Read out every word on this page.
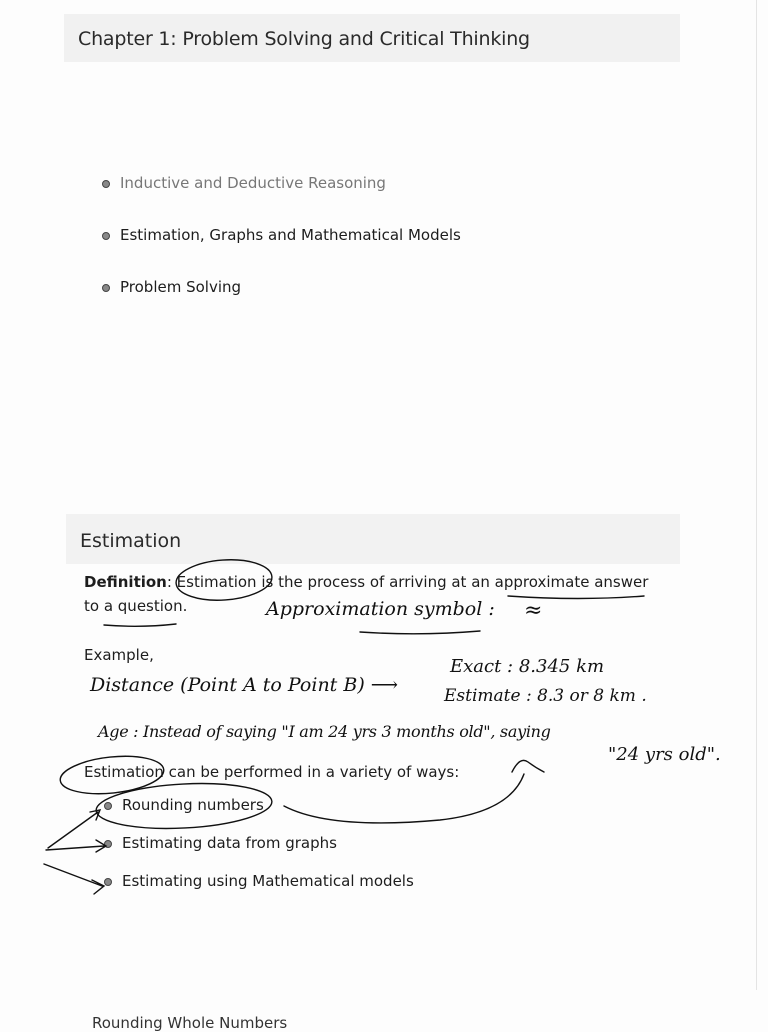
Chapter 1: Problem Solving and Critical Thinking
Inductive and Deductive Reasoning
Estimation, Graphs and Mathematical Models
Problem Solving
Estimation
Definition: Estimation is the process of arriving at an approximate answer
to a question.	Approximation symbol : ≈
Example,
Distance (Point A to Point B) ⟶
Exact : 8.345 km
Estimate : 8.3 or 8 km .
Age : Instead of saying "I am 24 yrs 3 months old", saying
"24 yrs old".
Estimation can be performed in a variety of ways:
Rounding numbers
Estimating data from graphs
Estimating using Mathematical models
Rounding Whole Numbers
